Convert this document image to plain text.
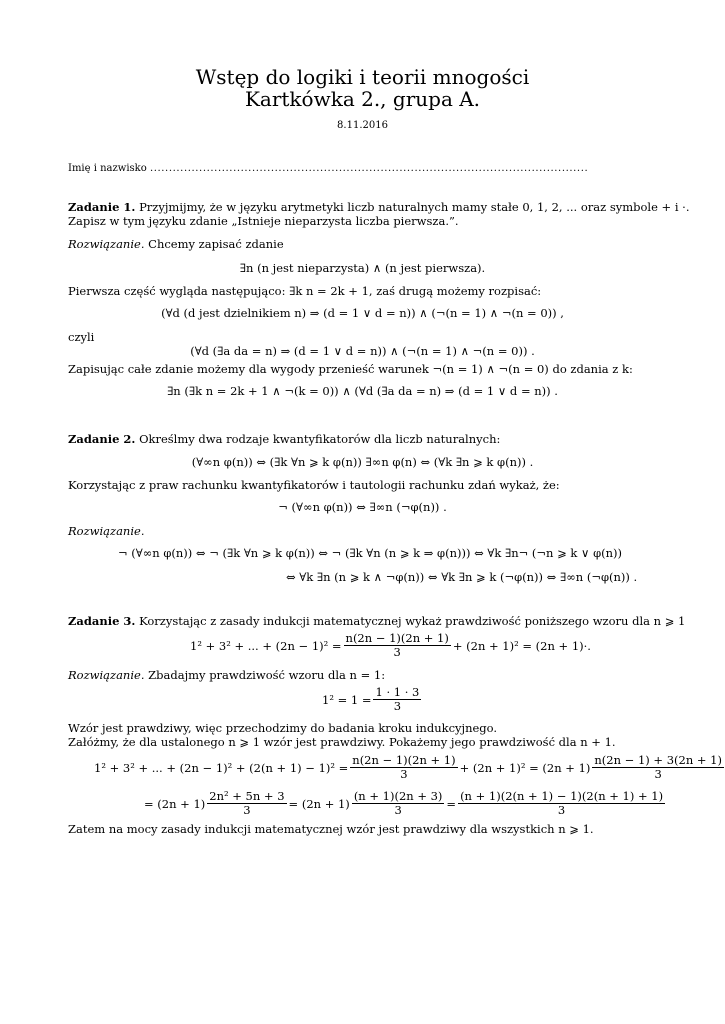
Wstęp do logiki i teorii mnogości
Kartkówka 2., grupa A.
8.11.2016
Imię i nazwisko ....................................................................................................................
Zadanie 1. Przyjmijmy, że w języku arytmetyki liczb naturalnych mamy stałe 0, 1, 2, ... oraz symbole + i ·.
Zapisz w tym języku zdanie „Istnieje nieparzysta liczba pierwsza.”.
Rozwiązanie. Chcemy zapisać zdanie
∃n (n jest nieparzysta) ∧ (n jest pierwsza).
Pierwsza część wygląda następująco: ∃k n = 2k + 1, zaś drugą możemy rozpisać:
(∀d (d jest dzielnikiem n) ⇒ (d = 1 ∨ d = n)) ∧ (¬(n = 1) ∧ ¬(n = 0)) ,
czyli
(∀d (∃a da = n) ⇒ (d = 1 ∨ d = n)) ∧ (¬(n = 1) ∧ ¬(n = 0)) .
Zapisując całe zdanie możemy dla wygody przenieść warunek ¬(n = 1) ∧ ¬(n = 0) do zdania z k:
∃n (∃k n = 2k + 1 ∧ ¬(k = 0)) ∧ (∀d (∃a da = n) ⇒ (d = 1 ∨ d = n)) .
Zadanie 2. Określmy dwa rodzaje kwantyfikatorów dla liczb naturalnych:
(∀∞n φ(n)) ⇔ (∃k ∀n ⩾ k φ(n)) ∃∞n φ(n) ⇔ (∀k ∃n ⩾ k φ(n)) .
Korzystając z praw rachunku kwantyfikatorów i tautologii rachunku zdań wykaż, że:
¬ (∀∞n φ(n)) ⇔ ∃∞n (¬φ(n)) .
Rozwiązanie.
¬ (∀∞n φ(n)) ⇔ ¬ (∃k ∀n ⩾ k φ(n)) ⇔ ¬ (∃k ∀n (n ⩾ k ⇒ φ(n))) ⇔ ∀k ∃n¬ (¬n ⩾ k ∨ φ(n))
⇔ ∀k ∃n (n ⩾ k ∧ ¬φ(n)) ⇔ ∀k ∃n ⩾ k (¬φ(n)) ⇔ ∃∞n (¬φ(n)) .
Zadanie 3. Korzystając z zasady indukcji matematycznej wykaż prawdziwość poniższego wzoru dla n ⩾ 1
1² + 3² + ... + $(2n - 1)^2 = \frac{n(2n - 1)(2n + 1)}{3} + (2n + 1)^2 = (2n + 1)\cdot$.
Rozwiązanie. Zbadajmy prawdziwość wzoru dla n = 1:
$1^2 = 1 = \frac{1 \cdot 1 \cdot 3}{3}$
Wzór jest prawdziwy, więc przechodzimy do badania kroku indukcyjnego.
Załóżmy, że dla ustalonego n ⩾ 1 wzór jest prawdziwy. Pokażemy jego prawdziwość dla n + 1.
1² + 3² + ... + $(2n - 1)^2 + (2(n + 1) - 1)^2 = \frac{n(2n - 1)(2n + 1)}{3} + (2n + 1)^2 = (2n + 1) \frac{n(2n - 1) + 3(2n + 1)}{3}$
= $(2n + 1) \frac{\text{2n² + 5n + 3}}{3} = (2n + 1) \frac{(n + 1)(2n + 3)}{3} = \frac{(n + 1)(2(n + 1) - 1)(2(n + 1) + 1)}{3}$
Zatem na mocy zasady indukcji matematycznej wzór jest prawdziwy dla wszystkich n ⩾ 1.
